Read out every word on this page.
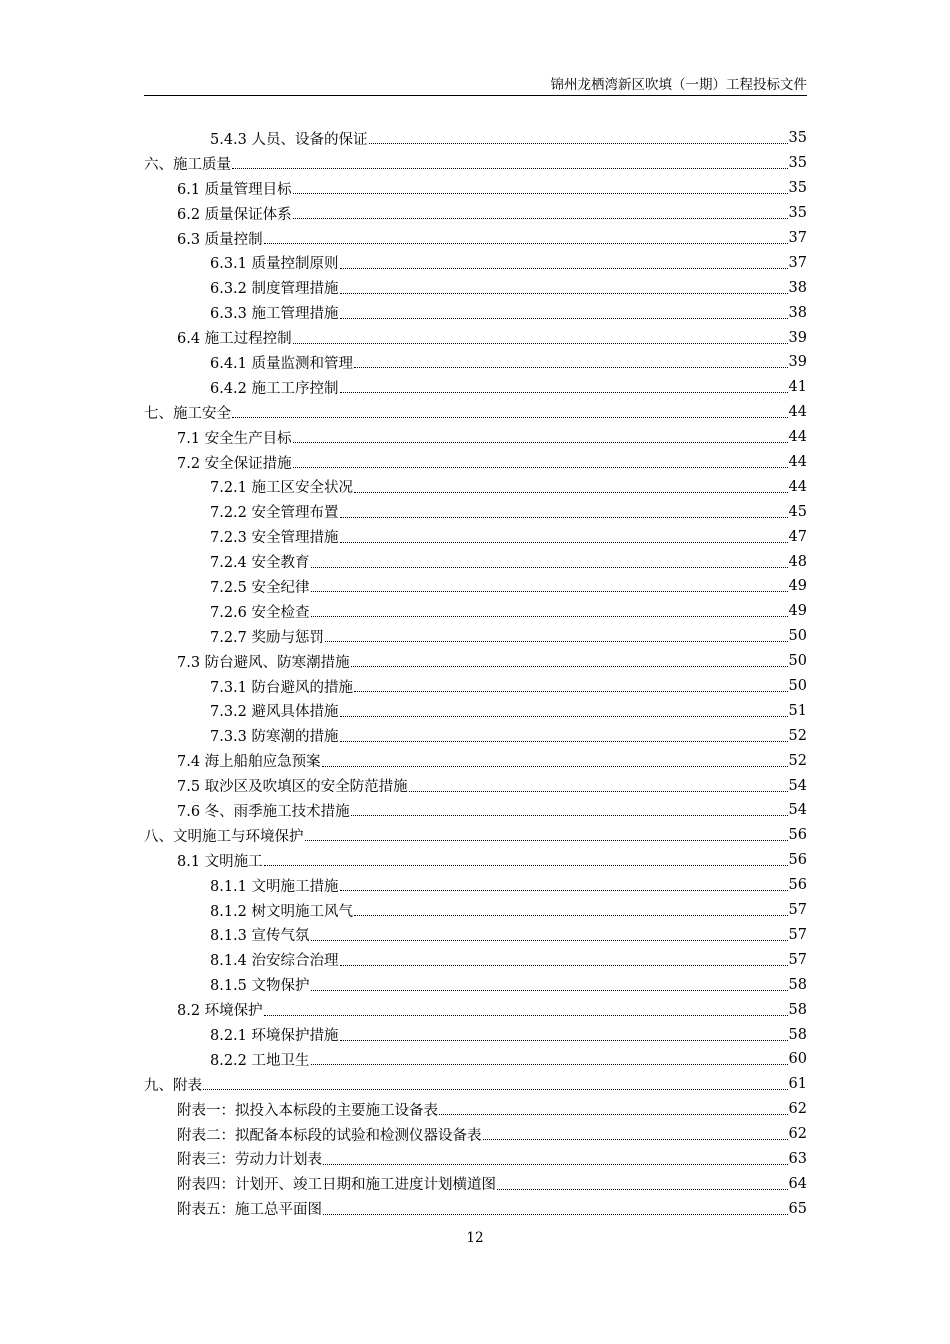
锦州龙栖湾新区吹填（一期）工程投标文件
5.4.3 人员、设备的保证	35
六、施工质量	35
6.1 质量管理目标	35
6.2 质量保证体系	35
6.3 质量控制	37
6.3.1 质量控制原则	37
6.3.2 制度管理措施	38
6.3.3 施工管理措施	38
6.4 施工过程控制	39
6.4.1 质量监测和管理	39
6.4.2 施工工序控制	41
七、施工安全	44
7.1 安全生产目标	44
7.2 安全保证措施	44
7.2.1 施工区安全状况	44
7.2.2 安全管理布置	45
7.2.3 安全管理措施	47
7.2.4 安全教育	48
7.2.5 安全纪律	49
7.2.6 安全检查	49
7.2.7 奖励与惩罚	50
7.3 防台避风、防寒潮措施	50
7.3.1 防台避风的措施	50
7.3.2 避风具体措施	51
7.3.3 防寒潮的措施	52
7.4 海上船舶应急预案	52
7.5 取沙区及吹填区的安全防范措施	54
7.6 冬、雨季施工技术措施	54
八、文明施工与环境保护	56
8.1 文明施工	56
8.1.1 文明施工措施	56
8.1.2 树文明施工风气	57
8.1.3 宣传气氛	57
8.1.4 治安综合治理	57
8.1.5 文物保护	58
8.2 环境保护	58
8.2.1 环境保护措施	58
8.2.2 工地卫生	60
九、附表	61
附表一：拟投入本标段的主要施工设备表	62
附表二：拟配备本标段的试验和检测仪器设备表	62
附表三：劳动力计划表	63
附表四：计划开、竣工日期和施工进度计划横道图	64
附表五：施工总平面图	65
12
